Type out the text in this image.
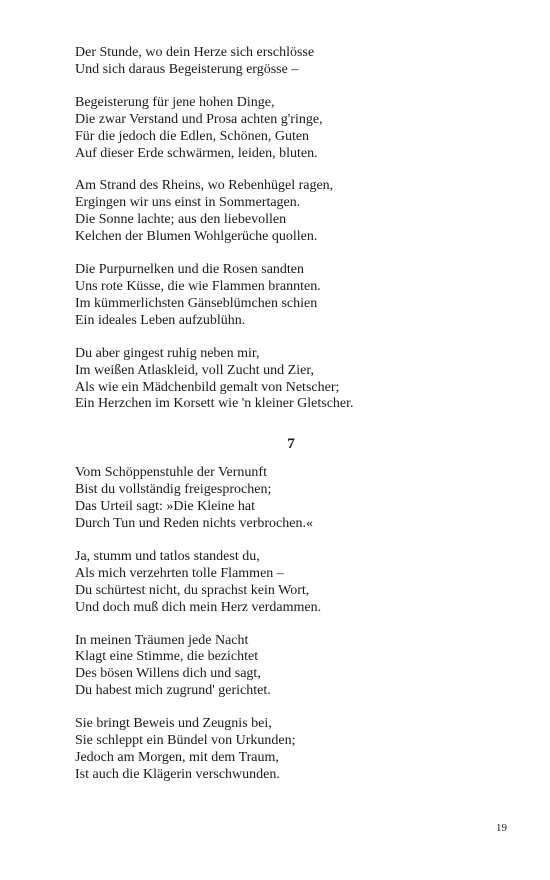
Der Stunde, wo dein Herze sich erschlösse
Und sich daraus Begeisterung ergösse –
Begeisterung für jene hohen Dinge,
Die zwar Verstand und Prosa achten g'ringe,
Für die jedoch die Edlen, Schönen, Guten
Auf dieser Erde schwärmen, leiden, bluten.
Am Strand des Rheins, wo Rebenhügel ragen,
Ergingen wir uns einst in Sommertagen.
Die Sonne lachte; aus den liebevollen
Kelchen der Blumen Wohlgerüche quollen.
Die Purpurnelken und die Rosen sandten
Uns rote Küsse, die wie Flammen brannten.
Im kümmerlichsten Gänseblümchen schien
Ein ideales Leben aufzublühn.
Du aber gingest ruhig neben mir,
Im weißen Atlaskleid, voll Zucht und Zier,
Als wie ein Mädchenbild gemalt von Netscher;
Ein Herzchen im Korsett wie 'n kleiner Gletscher.
7
Vom Schöppenstuhle der Vernunft
Bist du vollständig freigesprochen;
Das Urteil sagt: »Die Kleine hat
Durch Tun und Reden nichts verbrochen.«
Ja, stumm und tatlos standest du,
Als mich verzehrten tolle Flammen –
Du schürtest nicht, du sprachst kein Wort,
Und doch muß dich mein Herz verdammen.
In meinen Träumen jede Nacht
Klagt eine Stimme, die bezichtet
Des bösen Willens dich und sagt,
Du habest mich zugrund' gerichtet.
Sie bringt Beweis und Zeugnis bei,
Sie schleppt ein Bündel von Urkunden;
Jedoch am Morgen, mit dem Traum,
Ist auch die Klägerin verschwunden.
19
